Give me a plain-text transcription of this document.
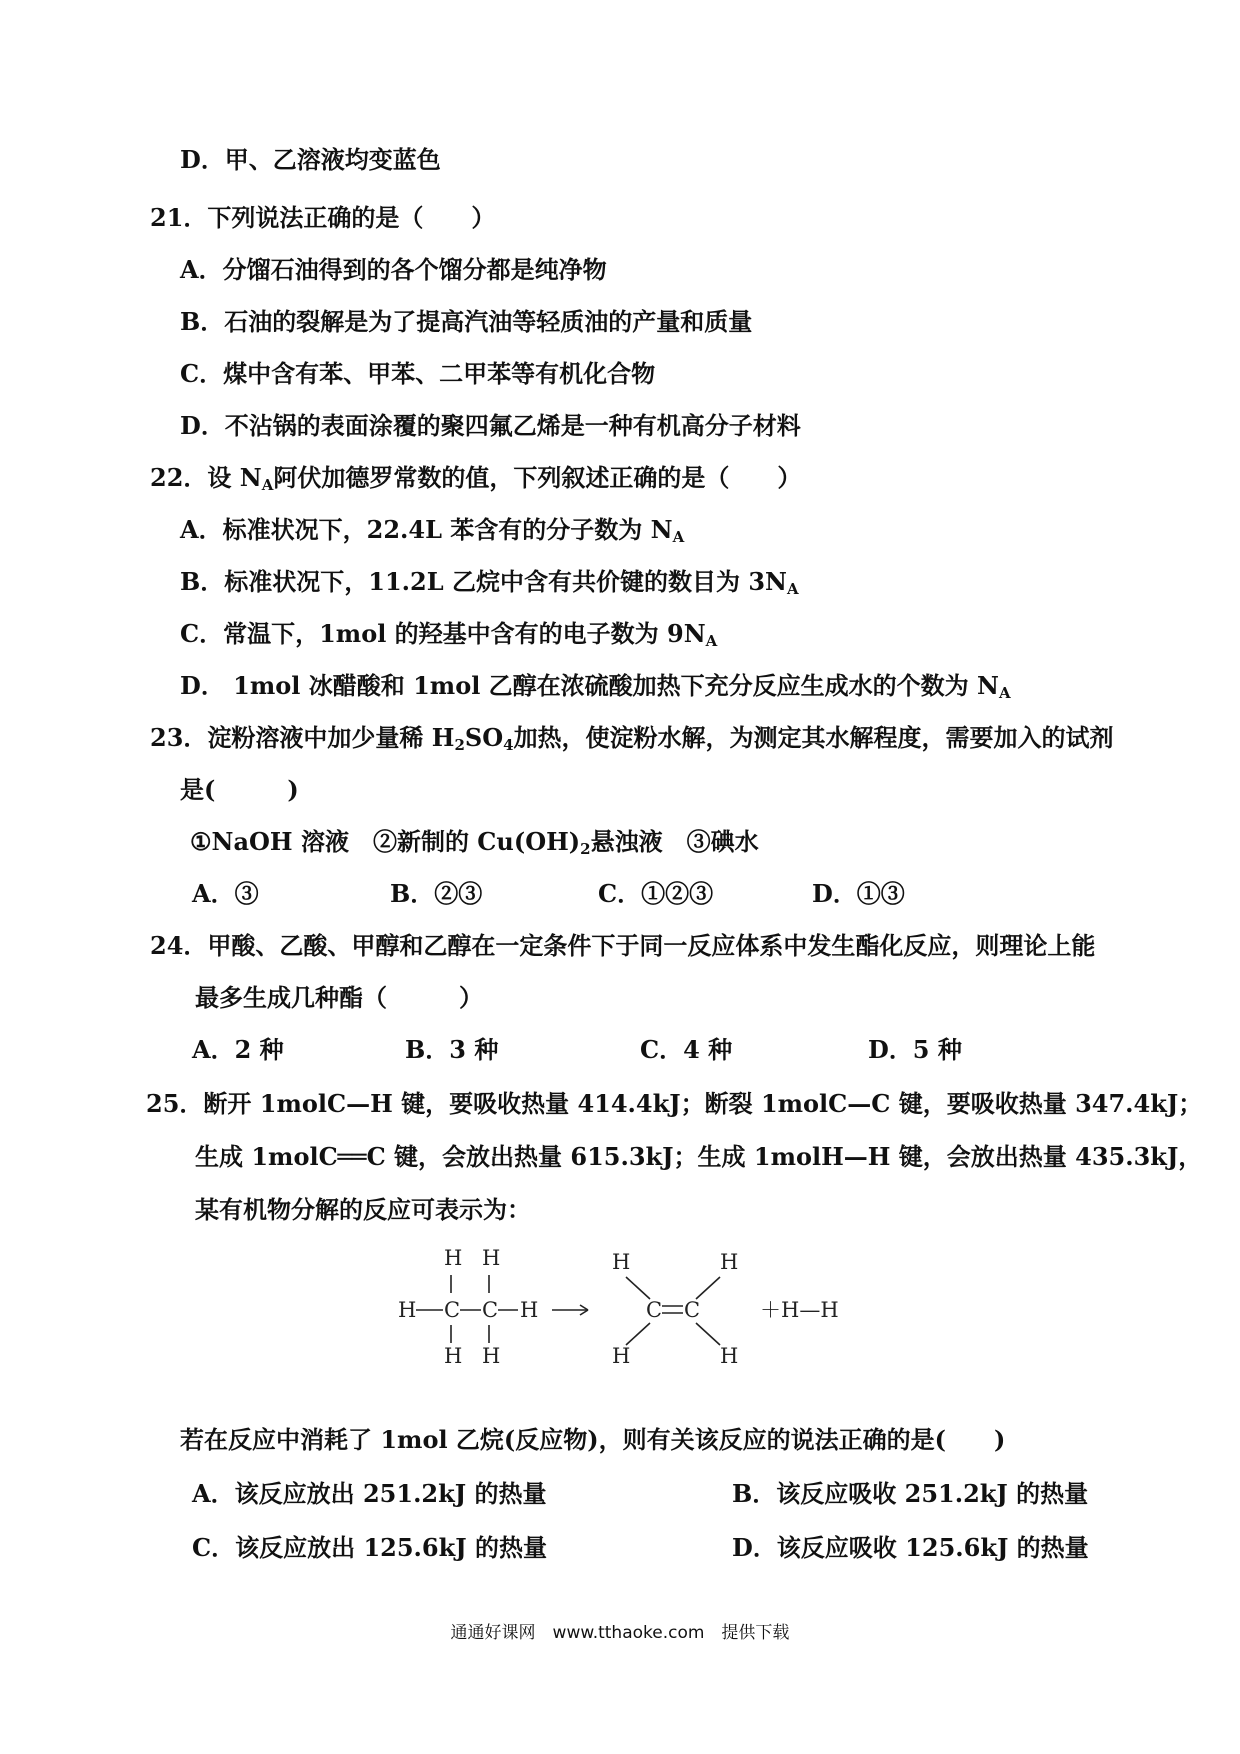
D．甲、乙溶液均变蓝色
21．下列说法正确的是（　　）
A．分馏石油得到的各个馏分都是纯净物
B．石油的裂解是为了提高汽油等轻质油的产量和质量
C．煤中含有苯、甲苯、二甲苯等有机化合物
D．不沾锅的表面涂覆的聚四氟乙烯是一种有机高分子材料
22．设 $N_A$阿伏加德罗常数的值，下列叙述正确的是（　　）
A．标准状况下，22.4L 苯含有的分子数为 $N_A$
B．标准状况下，11.2L 乙烷中含有共价键的数目为 $3N_A$
C．常温下，1mol 的羟基中含有的电子数为 $9N_A$
D． 1mol 冰醋酸和 1mol 乙醇在浓硫酸加热下充分反应生成水的个数为 $N_A$
23．淀粉溶液中加少量稀 $H_2SO_4$加热，使淀粉水解，为测定其水解程度，需要加入的试剂
是(　　　)
①NaOH 溶液　②新制的 $Cu(OH)_2$悬浊液　③碘水
A．③	B．②③	C．①②③	D．①③
24．甲酸、乙酸、甲醇和乙醇在一定条件下于同一反应体系中发生酯化反应，则理论上能
最多生成几种酯（　　　）
A．2 种	B．3 种	C．4 种	D．5 种
25．断开 1molC—H 键，要吸收热量 414.4kJ；断裂 1molC—C 键，要吸收热量 347.4kJ；
生成 1molC══C 键，会放出热量 615.3kJ；生成 1molH—H 键，会放出热量 435.3kJ，
某有机物分解的反应可表示为：
H H
H C C H
H H
H	H
C C
H	H
＋H—H
若在反应中消耗了 1mol 乙烷(反应物)，则有关该反应的说法正确的是(　　)
A．该反应放出 251.2kJ 的热量	B．该反应吸收 251.2kJ 的热量
C．该反应放出 125.6kJ 的热量	D．该反应吸收 125.6kJ 的热量
通通好课网　www.tthaoke.com　提供下载
